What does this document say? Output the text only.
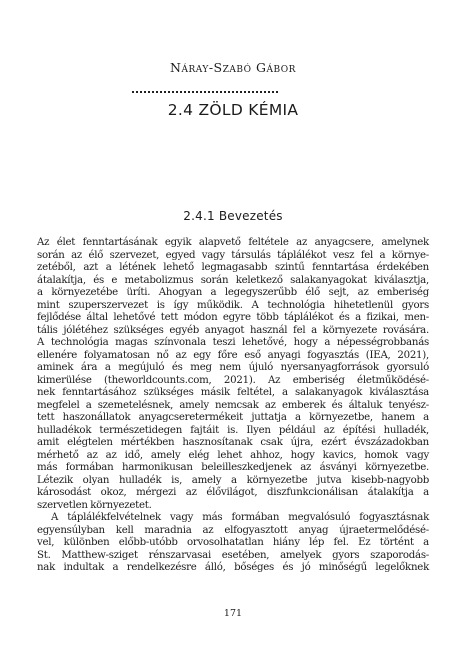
Náray-Szabó Gábor
2.4 ZÖLD KÉMIA
2.4.1 Bevezetés

Az élet fenntartásának egyik alapvető feltétele az anyagcsere, amelynek
során az élő szervezet, egyed vagy társulás táplálékot vesz fel a környe-
zetéből, azt a létének lehető legmagasabb szintű fenntartása érdekében
átalakítja, és e metabolizmus során keletkező salakanyagokat kiválasztja,
a környezetébe üríti. Ahogyan a legegyszerűbb élő sejt, az emberiség
mint szuperszervezet is így működik. A technológia hihetetlenül gyors
fejlődése által lehetővé tett módon egyre több táplálékot és a fizikai, men-
tális jólétéhez szükséges egyéb anyagot használ fel a környezete rovására.
A technológia magas színvonala teszi lehetővé, hogy a népességrobbanás
ellenére folyamatosan nő az egy főre eső anyagi fogyasztás (IEA, 2021),
aminek ára a megújuló és meg nem újuló nyersanyagforrások gyorsuló
kimerülése (theworldcounts.com, 2021). Az emberiség életműködésé-
nek fenntartásához szükséges másik feltétel, a salakanyagok kiválasztása
megfelel a szemetelésnek, amely nemcsak az emberek és általuk tenyész-
tett haszonállatok anyagcseretermékeit juttatja a környezetbe, hanem a
hulladékok természetidegen fajtáit is. Ilyen például az építési hulladék,
amit elégtelen mértékben hasznosítanak csak újra, ezért évszázadokban
mérhető az az idő, amely elég lehet ahhoz, hogy kavics, homok vagy
más formában harmonikusan beleilleszkedjenek az ásványi környezetbe.
Létezik olyan hulladék is, amely a környezetbe jutva kisebb-nagyobb
károsodást okoz, mérgezi az élővilágot, diszfunkcionálisan átalakítja a
szervetlen környezetet.

A táplálékfelvételnek vagy más formában megvalósuló fogyasztásnak
egyensúlyban kell maradnia az elfogyasztott anyag újraetermelődésé-
vel, különben előbb-utóbb orvosolhatatlan hiány lép fel. Ez történt a
St. Matthew-sziget rénszarvasai esetében, amelyek gyors szaporodás-
nak indultak a rendelkezésre álló, bőséges és jó minőségű legelőknek

171
